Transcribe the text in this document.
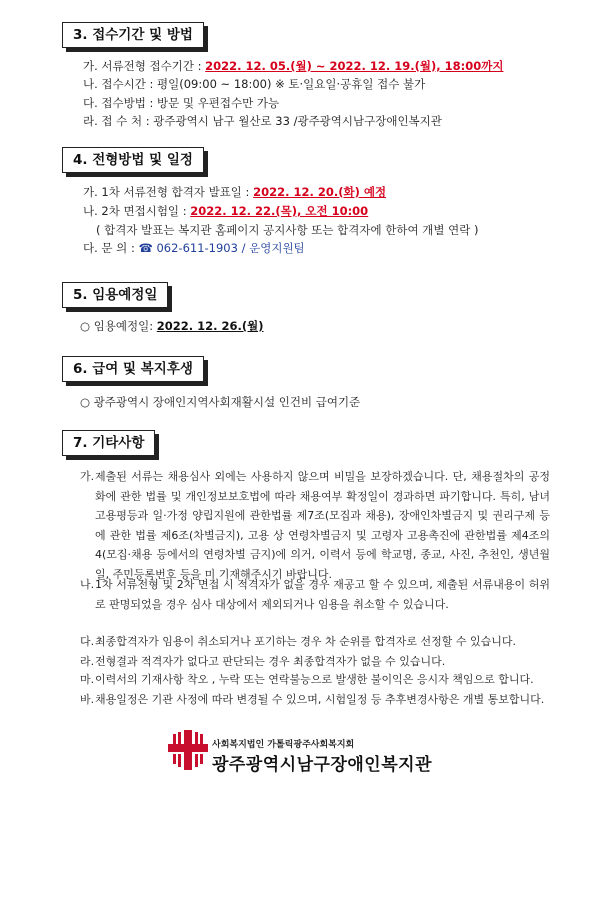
3. 접수기간 및 방법
가. 서류전형 접수기간 : 2022. 12. 05.(월) ~ 2022. 12. 19.(월), 18:00까지
나. 접수시간 : 평일(09:00 ~ 18:00) ※ 토·일요일·공휴일 접수 불가
다. 접수방법 : 방문 및 우편접수만 가능
라. 접 수 처 : 광주광역시 남구 월산로 33 /광주광역시남구장애인복지관
4. 전형방법 및 일정
가. 1차 서류전형 합격자 발표일 : 2022. 12. 20.(화) 예정
나. 2차 면접시험일 : 2022. 12. 22.(목), 오전 10:00
( 합격자 발표는 복지관 홈페이지 공지사항 또는 합격자에 한하여 개별 연락 )
다. 문 의 : ☎ 062-611-1903 / 운영지원팀
5. 임용예정일
○ 임용예정일: 2022. 12. 26.(월)
6. 급여 및 복지후생
○ 광주광역시 장애인지역사회재활시설 인건비 급여기준
7. 기타사항
가. 제출된 서류는 채용심사 외에는 사용하지 않으며 비밀을 보장하겠습니다. 단, 채용절차의 공정화에 관한 법률 및 개인정보보호법에 따라 채용여부 확정일이 경과하면 파기합니다. 특히, 남녀고용평등과 일·가정 양립지원에 관한법률 제7조(모집과 채용), 장애인차별금지 및 권리구제 등에 관한 법률 제6조(차별금지), 고용 상 연령차별금지 및 고령자 고용촉진에 관한법률 제4조의4(모집·채용 등에서의 연령차별 금지)에 의거, 이력서 등에 학교명, 종교, 사진, 추천인, 생년월일, 주민등록번호 등을 미 기재해주시기 바랍니다.
나. 1차 서류전형 및 2차 면접 시 적격자가 없을 경우 재공고 할 수 있으며, 제출된 서류내용이 허위로 판명되었을 경우 심사 대상에서 제외되거나 임용을 취소할 수 있습니다.
다. 최종합격자가 임용이 취소되거나 포기하는 경우 차 순위를 합격자로 선정할 수 있습니다.
라. 전형결과 적격자가 없다고 판단되는 경우 최종합격자가 없을 수 있습니다.
마. 이력서의 기재사항 착오 , 누락 또는 연락불능으로 발생한 불이익은 응시자 책임으로 합니다.
바. 채용일정은 기관 사정에 따라 변경될 수 있으며, 시험일정 등 추후변경사항은 개별 통보합니다.
사회복지법인 가톨릭광주사회복지회
광주광역시남구장애인복지관
